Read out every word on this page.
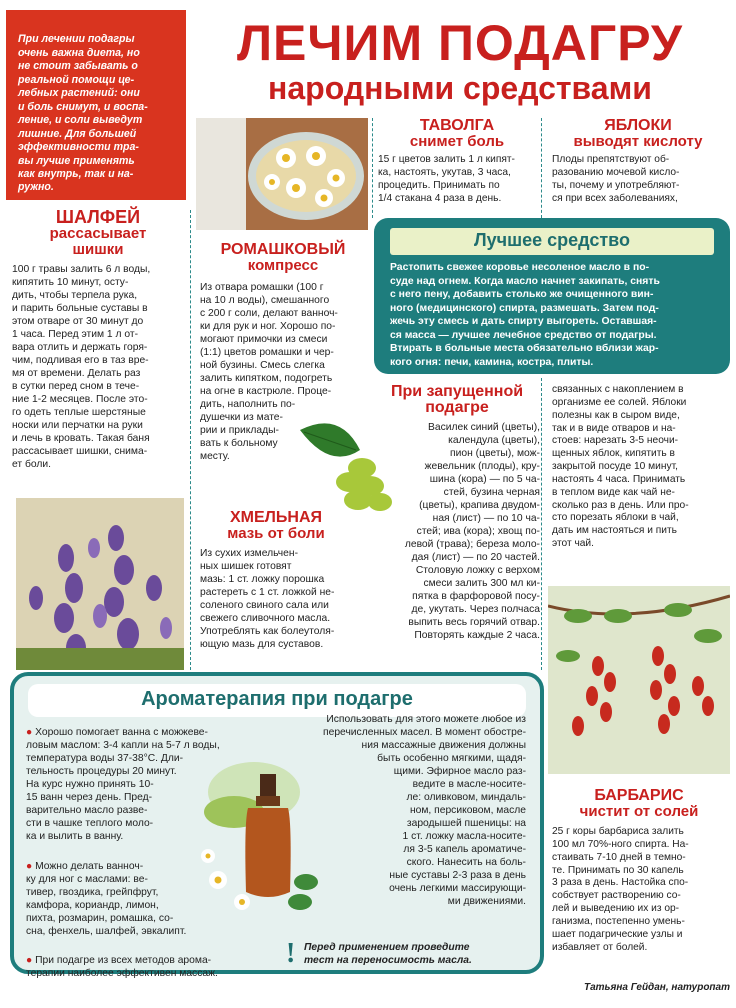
При лечении подагры
очень важна диета, но
не стоит забывать о
реальной помощи це-
лебных растений: они
и боль снимут, и воспа-
ление, и соли выведут
лишние. Для большей
эффективности тра-
вы лучше применять
как внутрь, так и на-
ружно.

ЛЕЧИМ ПОДАГРУ
народными средствами
ШАЛФЕЙ
рассасывает
шишки
100 г травы залить 6 л воды,
кипятить 10 минут, осту-
дить, чтобы терпела рука,
и парить больные суставы в
этом отваре от 30 минут до
1 часа. Перед этим 1 л от-
вара отлить и держать горя-
чим, подливая его в таз вре-
мя от времени. Делать раз
в сутки перед сном в тече-
ние 1-2 месяцев. После это-
го одеть теплые шерстяные
носки или перчатки на руки
и лечь в кровать. Такая баня
рассасывает шишки, снима-
ет боли.
РОМАШКОВЫЙ
компресс
Из отвара ромашки (100 г
на 10 л воды), смешанного
с 200 г соли, делают ванноч-
ки для рук и ног. Хорошо по-
могают примочки из смеси
(1:1) цветов ромашки и чер-
ной бузины. Смесь слегка
залить кипятком, подогреть
на огне в кастрюле. Проце-
дить, наполнить по-
душечки из мате-
рии и приклады-
вать к больному
месту.
ХМЕЛЬНАЯ
мазь от боли
Из сухих измельчен-
ных шишек готовят
мазь: 1 ст. ложку порошка
растереть с 1 ст. ложкой не-
соленого свиного сала или
свежего сливочного масла.
Употреблять как болеутоля-
ющую мазь для суставов.
ТАВОЛГА
снимет боль
15 г цветов залить 1 л кипят-
ка, настоять, укутав, 3 часа,
процедить. Принимать по
1/4 стакана 4 раза в день.
ЯБЛОКИ
выводят кислоту
Плоды препятствуют об-
разованию мочевой кисло-
ты, почему и употребляют-
ся при всех заболеваниях,
Лучшее средство
Растопить свежее коровье несоленое масло в по-
суде над огнем. Когда масло начнет закипать, снять
с него пену, добавить столько же очищенного вин-
ного (медицинского) спирта, размешать. Затем под-
жечь эту смесь и дать спирту выгореть. Оставшая-
ся масса — лучшее лечебное средство от подагры.
Втирать в больные места обязательно вблизи жар-
кого огня: печи, камина, костра, плиты.
При запущенной
подагре
Василек синий (цветы),
календула (цветы),
пион (цветы), мож-
жевельник (плоды), кру-
шина (кора) — по 5 ча-
стей, бузина черная
(цветы), крапива двудом-
ная (лист) — по 10 ча-
стей; ива (кора); хвощ по-
левой (трава); береза моло-
дая (лист) — по 20 частей.
Столовую ложку с верхом
смеси залить 300 мл ки-
пятка в фарфоровой посу-
де, укутать. Через полчаса
выпить весь горячий отвар.
Повторять каждые 2 часа.
связанных с накоплением в
организме ее солей. Яблоки
полезны как в сыром виде,
так и в виде отваров и на-
стоев: нарезать 3-5 неочи-
щенных яблок, кипятить в
закрытой посуде 10 минут,
настоять 4 часа. Принимать
в теплом виде как чай не-
сколько раз в день. Или про-
сто порезать яблоки в чай,
дать им настояться и пить
этот чай.
БАРБАРИС
чистит от солей
25 г коры барбариса залить
100 мл 70%-ного спирта. На-
стаивать 7-10 дней в темно-
те. Принимать по 30 капель
3 раза в день. Настойка спо-
собствует растворению со-
лей и выведению их из ор-
ганизма, постепенно умень-
шает подагрические узлы и
избавляет от болей.
Ароматерапия при подагре

● Хорошо помогает ванна с можжеве-
ловым маслом: 3-4 капли на 5-7 л воды,
температура воды 37-38°С. Дли-
тельность процедуры 20 минут.
На курс нужно принять 10-
15 ванн через день. Пред-
варительно масло разве-
сти в чашке теплого моло-
ка и вылить в ванну.

● Можно делать ванноч-
ку для ног с маслами: ве-
тивер, гвоздика, грейпфрут,
камфора, кориандр, лимон,
пихта, розмарин, ромашка, со-
сна, фенхель, шалфей, эвкалипт.

● При подагре из всех методов арома-
терапии наиболее эффективен массаж.

Использовать для этого можете любое из
перечисленных масел. В момент обостре-
ния массажные движения должны
быть особенно мягкими, щадя-
щими. Эфирное масло раз-
ведите в масле-носите-
ле: оливковом, миндаль-
ном, персиковом, масле
зародышей пшеницы: на
1 ст. ложку масла-носите-
ля 3-5 капель ароматиче-
ского. Нанесить на боль-
ные суставы 2-3 раза в день
очень легкими массирующи-
ми движениями.
! Перед применением проведите
тест на переносимость масла.
Татьяна Гейдан, натуропат
